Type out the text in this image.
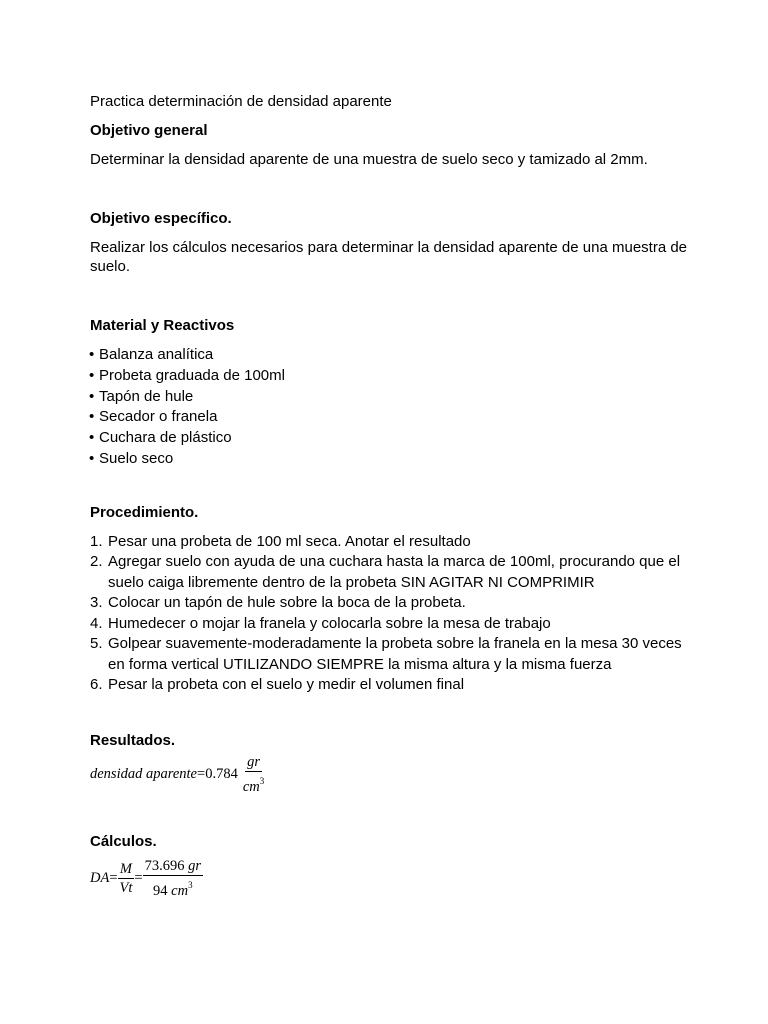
Practica determinación de densidad aparente

Objetivo general

Determinar la densidad aparente de una muestra de suelo seco y tamizado al 2mm.

Objetivo específico.

Realizar los cálculos necesarios para determinar la densidad aparente de una muestra de suelo.

Material y Reactivos

• Balanza analítica
• Probeta graduada de 100ml
• Tapón de hule
• Secador o franela
• Cuchara de plástico
• Suelo seco

Procedimiento.

1. Pesar una probeta de 100 ml seca. Anotar el resultado
2. Agregar suelo con ayuda de una cuchara hasta la marca de 100ml, procurando que el suelo caiga libremente dentro de la probeta SIN AGITAR NI COMPRIMIR
3. Colocar un tapón de hule sobre la boca de la probeta.
4. Humedecer o mojar la franela y colocarla sobre la mesa de trabajo
5. Golpear suavemente-moderadamente la probeta sobre la franela en la mesa 30 veces en forma vertical UTILIZANDO SIEMPRE la misma altura y la misma fuerza
6. Pesar la probeta con el suelo y medir el volumen final

Resultados.

densidad aparente = $0.784 \frac{gr}{cm^3}$

Cálculos.

DA = $\frac{M}{Vt} = \frac{73.696 gr}{94 cm^3}$
